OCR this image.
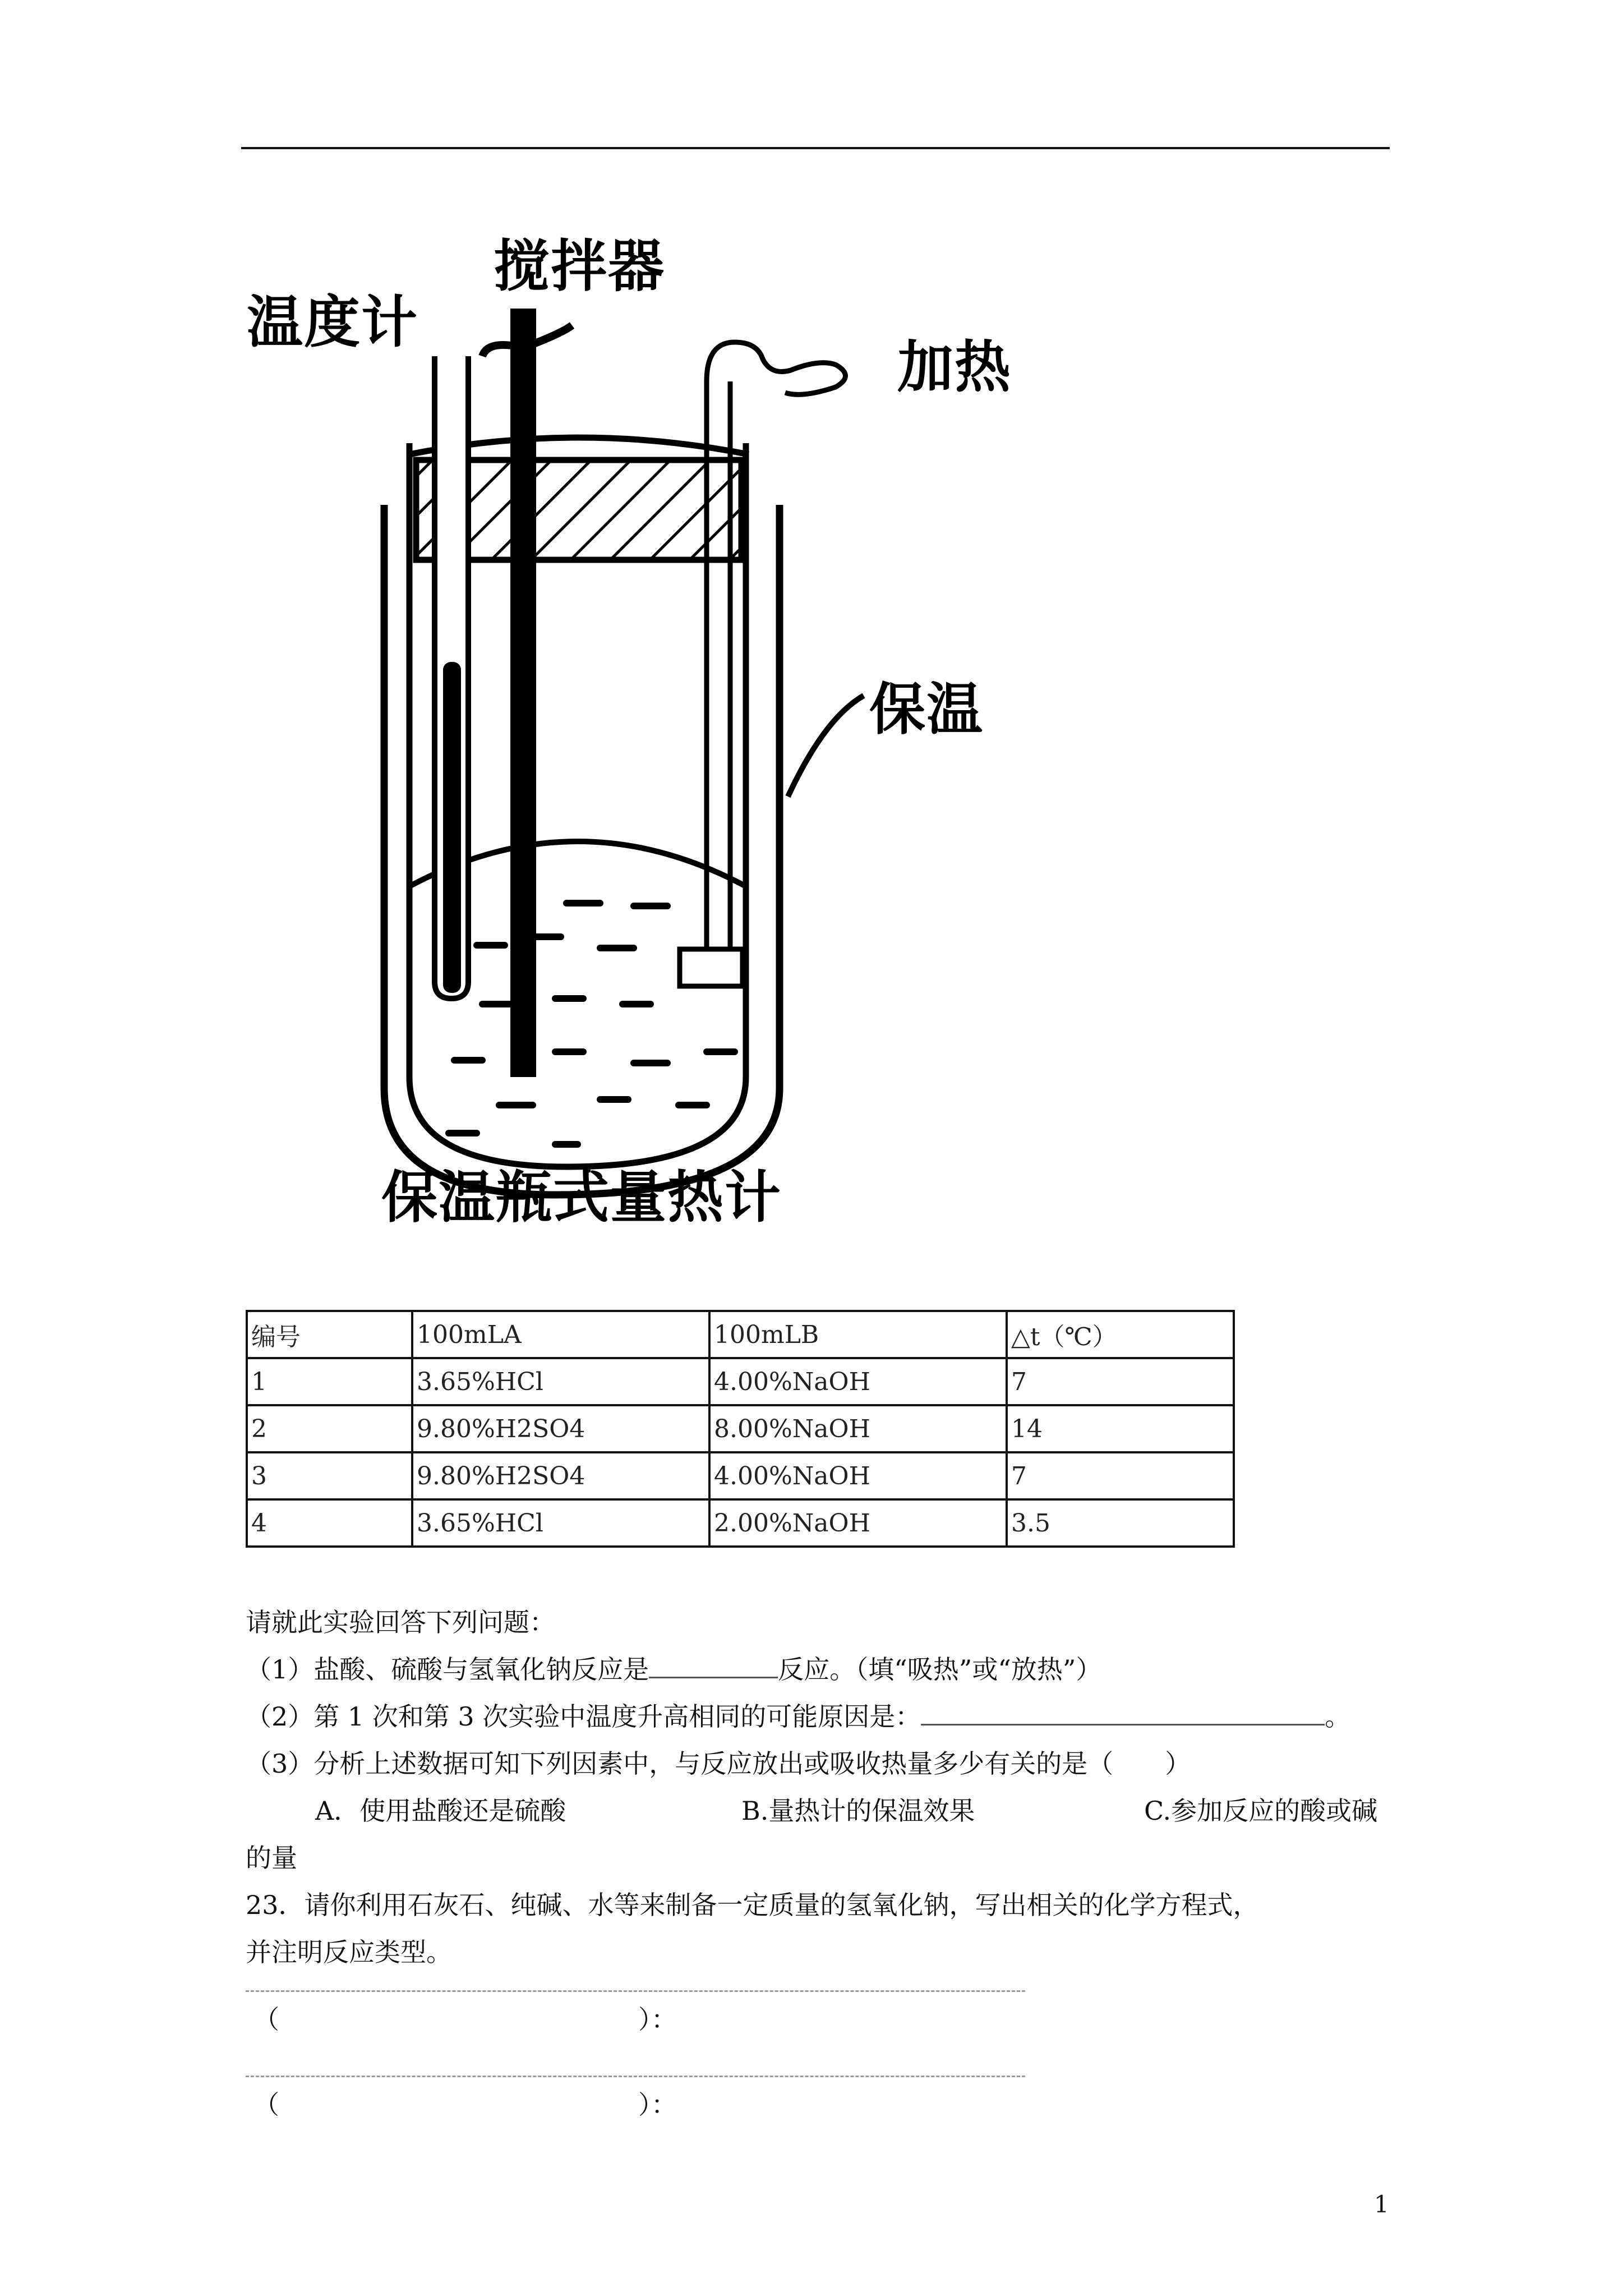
搅拌器
温度计
加热
保温
保温瓶式量热计
编号	100mLA	100mLB	△t（℃）
1	3.65%HCl	4.00%NaOH	7
2	9.80%H2SO4	8.00%NaOH	14
3	9.80%H2SO4	4.00%NaOH	7
4	3.65%HCl	2.00%NaOH	3.5
请就此实验回答下列问题：
（1）盐酸、硫酸与氢氧化钠反应是	反应。（填“吸热”或“放热”）
（2）第 1 次和第 3 次实验中温度升高相同的可能原因是：	。
（3）分析上述数据可知下列因素中，与反应放出或吸收热量多少有关的是（　　）
A．使用盐酸还是硫酸	B.量热计的保温效果	C.参加反应的酸或碱
的量
23．请你利用石灰石、纯碱、水等来制备一定质量的氢氧化钠，写出相关的化学方程式，
并注明反应类型。
（	）：
（	）：
1
